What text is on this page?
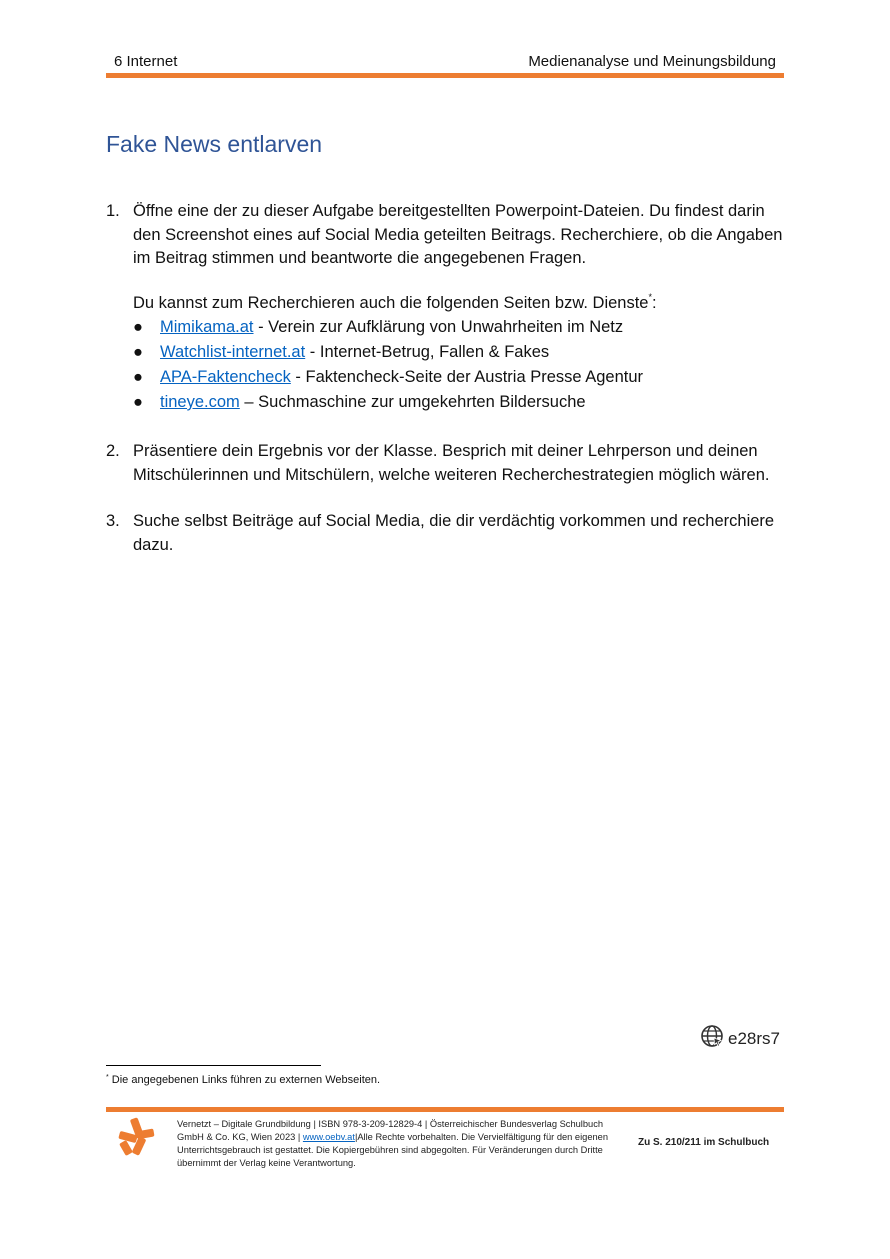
6 Internet	Medienanalyse und Meinungsbildung
Fake News entlarven
1. Öffne eine der zu dieser Aufgabe bereitgestellten Powerpoint-Dateien. Du findest darin den Screenshot eines auf Social Media geteilten Beitrags. Recherchiere, ob die Angaben im Beitrag stimmen und beantworte die angegebenen Fragen.
Du kannst zum Recherchieren auch die folgenden Seiten bzw. Dienste*:
● Mimikama.at - Verein zur Aufklärung von Unwahrheiten im Netz
● Watchlist-internet.at - Internet-Betrug, Fallen & Fakes
● APA-Faktencheck - Faktencheck-Seite der Austria Presse Agentur
● tineye.com – Suchmaschine zur umgekehrten Bildersuche
2. Präsentiere dein Ergebnis vor der Klasse. Besprich mit deiner Lehrperson und deinen Mitschülerinnen und Mitschülern, welche weiteren Recherchestrategien möglich wären.
3. Suche selbst Beiträge auf Social Media, die dir verdächtig vorkommen und recherchiere dazu.
e28rs7
* Die angegebenen Links führen zu externen Webseiten.
Vernetzt – Digitale Grundbildung | ISBN 978-3-209-12829-4 | Österreichischer Bundesverlag Schulbuch GmbH & Co. KG, Wien 2023 | www.oebv.at|Alle Rechte vorbehalten. Die Vervielfältigung für den eigenen Unterrichtsgebrauch ist gestattet. Die Kopiergebühren sind abgegolten. Für Veränderungen durch Dritte übernimmt der Verlag keine Verantwortung.
Zu S. 210/211 im Schulbuch
